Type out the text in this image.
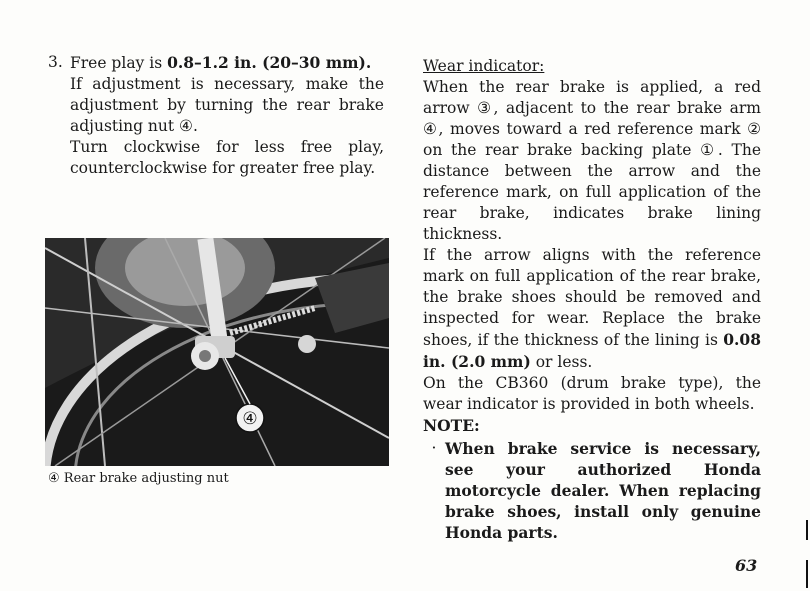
3. Free play is 0.8–1.2 in. (20–30 mm).

If adjustment is necessary, make the adjustment by turning the rear brake adjusting nut ④.

Turn clockwise for less free play, counterclockwise for greater free play.

④
④ Rear brake adjusting nut

Wear indicator:

When the rear brake is applied, a red arrow ③, adjacent to the rear brake arm ④, moves toward a red reference mark ② on the rear brake backing plate ①. The distance between the arrow and the reference mark, on full application of the rear brake, indicates brake lining thickness.

If the arrow aligns with the reference mark on full application of the rear brake, the brake shoes should be removed and inspected for wear. Replace the brake shoes, if the thickness of the lining is 0.08 in. (2.0 mm) or less.

On the CB360 (drum brake type), the wear indicator is provided in both wheels.

NOTE:

· When brake service is necessary, see your authorized Honda motorcycle dealer. When replacing brake shoes, install only genuine Honda parts.
63
